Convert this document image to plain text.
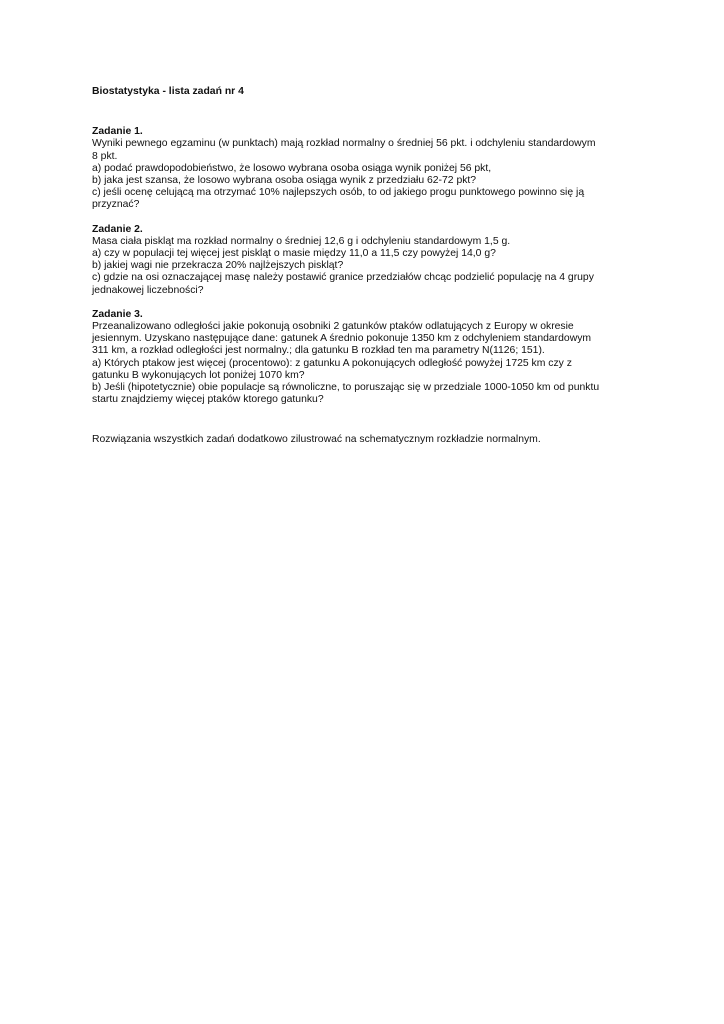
Biostatystyka - lista zadań nr 4
Zadanie 1.
Wyniki pewnego egzaminu (w punktach) mają rozkład normalny o średniej 56 pkt. i odchyleniu standardowym
8 pkt.
a) podać prawdopodobieństwo, że losowo wybrana osoba osiąga wynik poniżej 56 pkt,
b) jaka jest szansa, że losowo wybrana osoba osiąga wynik z przedziału 62-72 pkt?
c) jeśli ocenę celującą ma otrzymać 10% najlepszych osób, to od jakiego progu punktowego powinno się ją
przyznać?
Zadanie 2.
Masa ciała piskląt ma rozkład normalny o średniej 12,6 g i odchyleniu standardowym 1,5 g.
a) czy w populacji tej więcej jest piskląt o masie między 11,0 a 11,5 czy powyżej 14,0 g?
b) jakiej wagi nie przekracza 20% najlżejszych piskląt?
c) gdzie na osi oznaczającej masę należy postawić granice przedziałów chcąc podzielić populację na 4 grupy
jednakowej liczebności?
Zadanie 3.
Przeanalizowano odległości jakie pokonują osobniki 2 gatunków ptaków odlatujących z Europy w okresie
jesiennym. Uzyskano następujące dane: gatunek A średnio pokonuje 1350 km z odchyleniem standardowym
311 km, a rozkład odległości jest normalny.; dla gatunku B rozkład ten ma parametry N(1126; 151).
a) Których ptakow jest więcej (procentowo): z gatunku A pokonujących odległość powyżej 1725 km czy z
gatunku B wykonujących lot poniżej 1070 km?
b) Jeśli (hipotetycznie) obie populacje są równoliczne, to poruszając się w przedziale 1000-1050 km od punktu
startu znajdziemy więcej ptaków ktorego gatunku?
Rozwiązania wszystkich zadań dodatkowo zilustrować na schematycznym rozkładzie normalnym.
